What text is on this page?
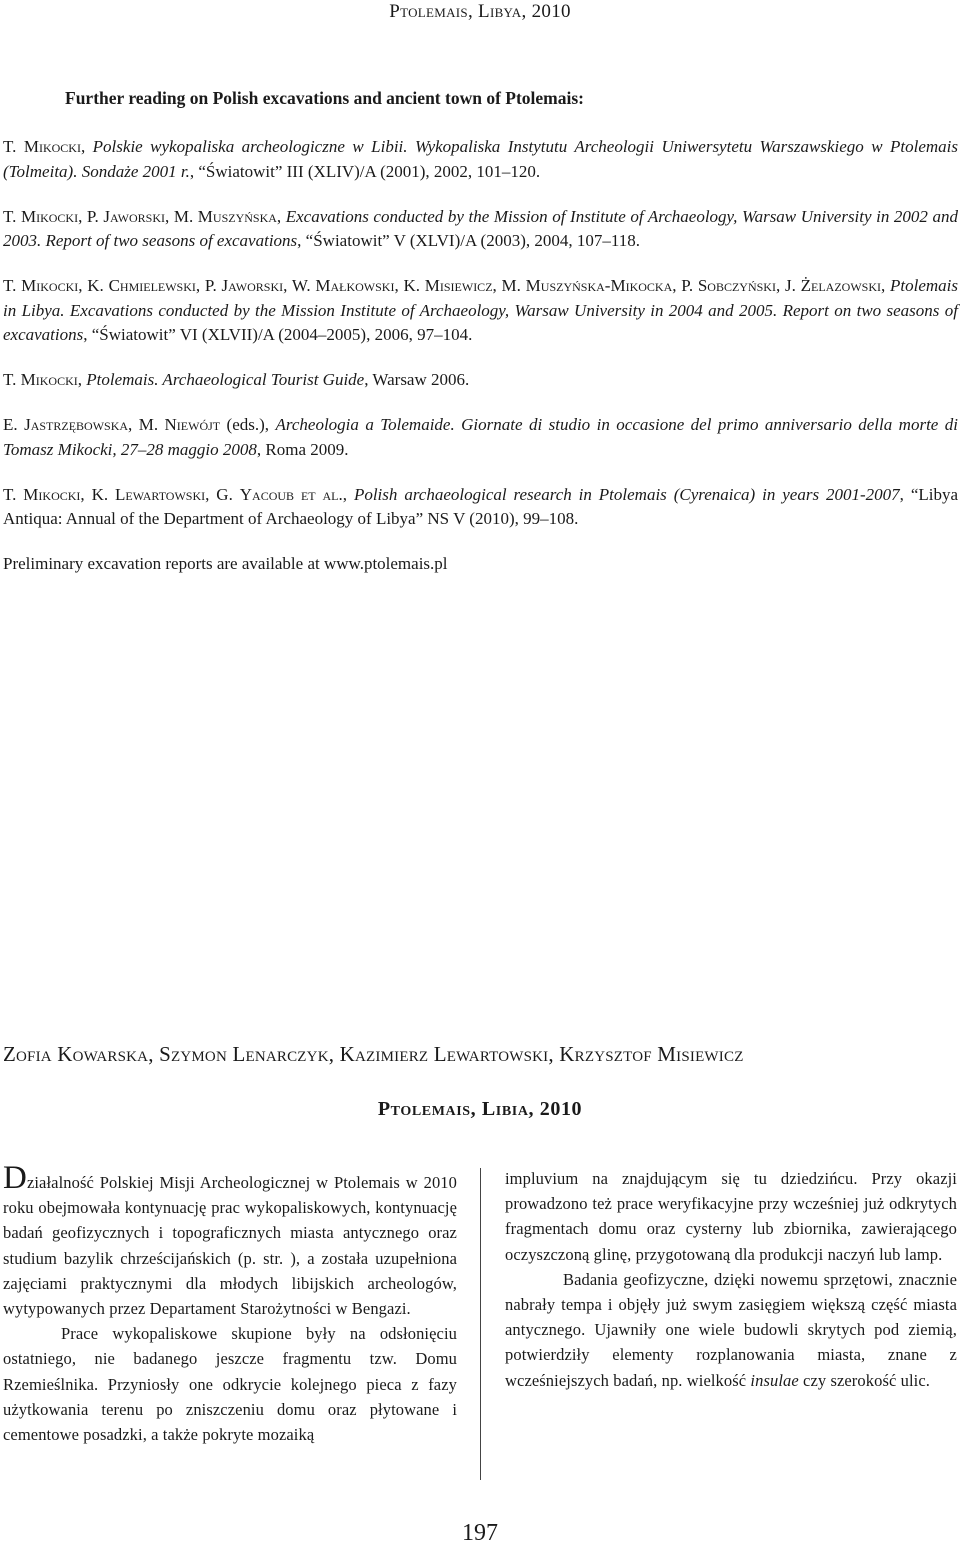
Ptolemais, Libya, 2010
Further reading on Polish excavations and ancient town of Ptolemais:

T. Mikocki, Polskie wykopaliska archeologiczne w Libii. Wykopaliska Instytutu Archeologii Uniwersytetu Warszawskiego w Ptolemais (Tolmeita). Sondaże 2001 r., “Światowit” III (XLIV)/A (2001), 2002, 101–120.

T. Mikocki, P. Jaworski, M. Muszyńska, Excavations conducted by the Mission of Institute of Archaeology, Warsaw University in 2002 and 2003. Report of two seasons of excavations, “Światowit” V (XLVI)/A (2003), 2004, 107–118.

T. Mikocki, K. Chmielewski, P. Jaworski, W. Małkowski, K. Misiewicz, M. Muszyńska-Mikocka, P. Sobczyński, J. Żelazowski, Ptolemais in Libya. Excavations conducted by the Mission Institute of Archaeology, Warsaw University in 2004 and 2005. Report on two seasons of excavations, “Światowit” VI (XLVII)/A (2004–2005), 2006, 97–104.

T. Mikocki, Ptolemais. Archaeological Tourist Guide, Warsaw 2006.

E. Jastrzębowska, M. Niewójt (eds.), Archeologia a Tolemaide. Giornate di studio in occasione del primo anniversario della morte di Tomasz Mikocki, 27–28 maggio 2008, Roma 2009.

T. Mikocki, K. Lewartowski, G. Yacoub et al., Polish archaeological research in Ptolemais (Cyrenaica) in years 2001-2007, “Libya Antiqua: Annual of the Department of Archaeology of Libya” NS V (2010), 99–108.

Preliminary excavation reports are available at www.ptolemais.pl

Zofia Kowarska, Szymon Lenarczyk, Kazimierz Lewartowski, Krzysztof Misiewicz
Ptolemais, Libia, 2010

Działalność Polskiej Misji Archeologicznej w Ptolemais w 2010 roku obejmowała kontynuację prac wykopaliskowych, kontynuację badań geofizycznych i topograficznych miasta antycznego oraz studium bazylik chrześcijańskich (p. str. ), a została uzupełniona zajęciami praktycznymi dla młodych libijskich archeologów, wytypowanych przez Departament Starożytności w Bengazi.

Prace wykopaliskowe skupione były na odsłonięciu ostatniego, nie badanego jeszcze fragmentu tzw. Domu Rzemieślnika. Przyniosły one odkrycie kolejnego pieca z fazy użytkowania terenu po zniszczeniu domu oraz płytowane i cementowe posadzki, a także pokryte mozaiką

impluvium na znajdującym się tu dziedzińcu. Przy okazji prowadzono też prace weryfikacyjne przy wcześniej już odkrytych fragmentach domu oraz cysterny lub zbiornika, zawierającego oczyszczoną glinę, przygotowaną dla produkcji naczyń lub lamp.

Badania geofizyczne, dzięki nowemu sprzętowi, znacznie nabrały tempa i objęły już swym zasięgiem większą część miasta antycznego. Ujawniły one wiele budowli skrytych pod ziemią, potwierdziły elementy rozplanowania miasta, znane z wcześniejszych badań, np. wielkość insulae czy szerokość ulic.

197
